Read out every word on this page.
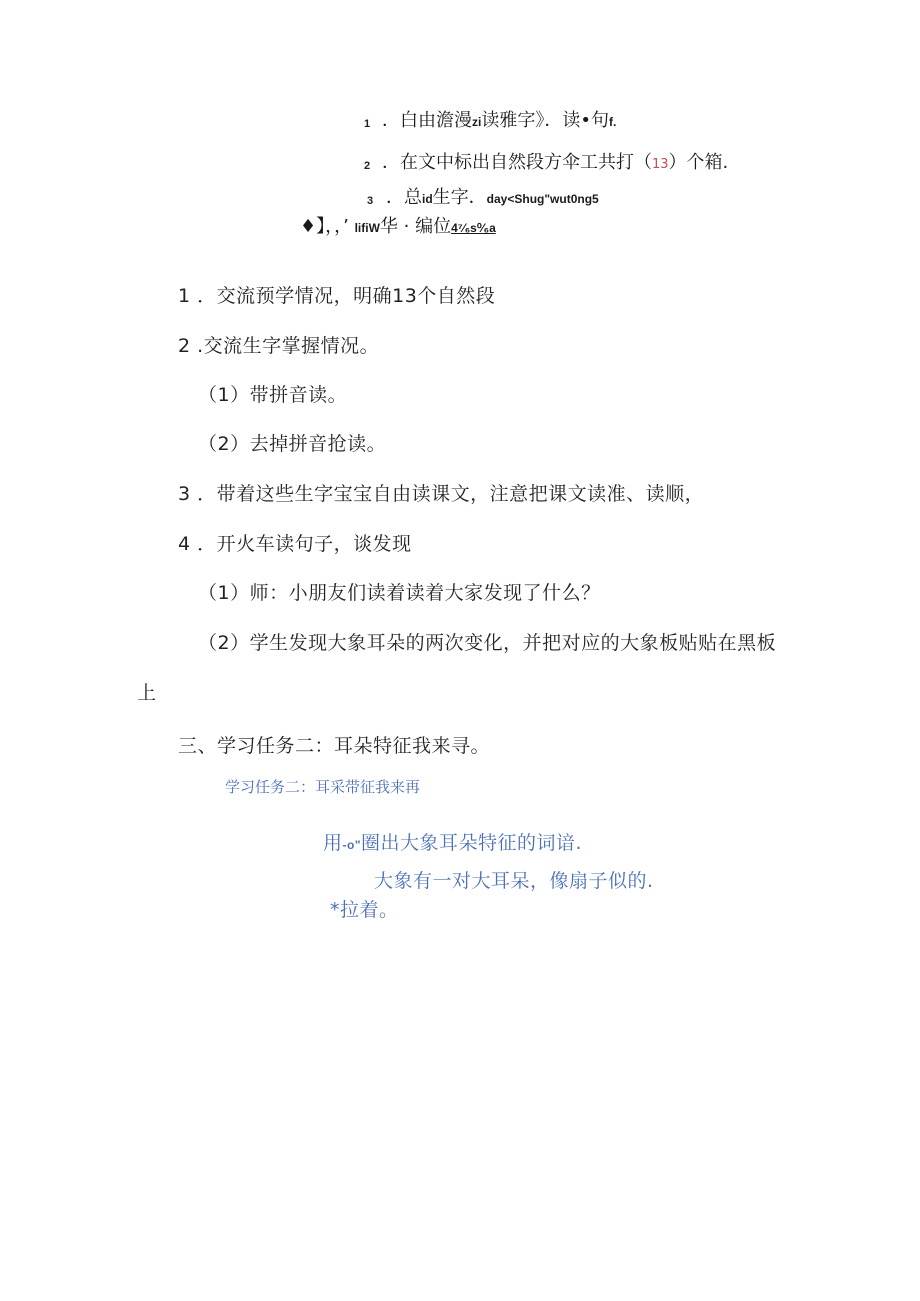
1 ．白由澹漫zi读雅字》．读•句f.
2 ．在文中标出自然段方伞工共打（13）个箱.
3 ．总id生字．day<Shug"wut0ng5
♦】，，’ lifiW华 · 编位4⁷⁄₆s⁰⁄₆a
1 ．交流预学情况，明确13个自然段
2 .交流生字掌握情况。
（1）带拼音读。
（2）去掉拼音抢读。
3 ．带着这些生字宝宝自由读课文，注意把课文读准、读顺，
4 ．开火车读句子，谈发现
（1）师：小朋友们读着读着大家发现了什么？
（2）学生发现大象耳朵的两次变化，并把对应的大象板贴贴在黑板
上
三、学习任务二：耳朵特征我来寻。
学习任务二：耳采带征我来再
用-o"圈出大象耳朵特征的词谙.
大象有一对大耳呆，像扇子似的.
*拉着。
